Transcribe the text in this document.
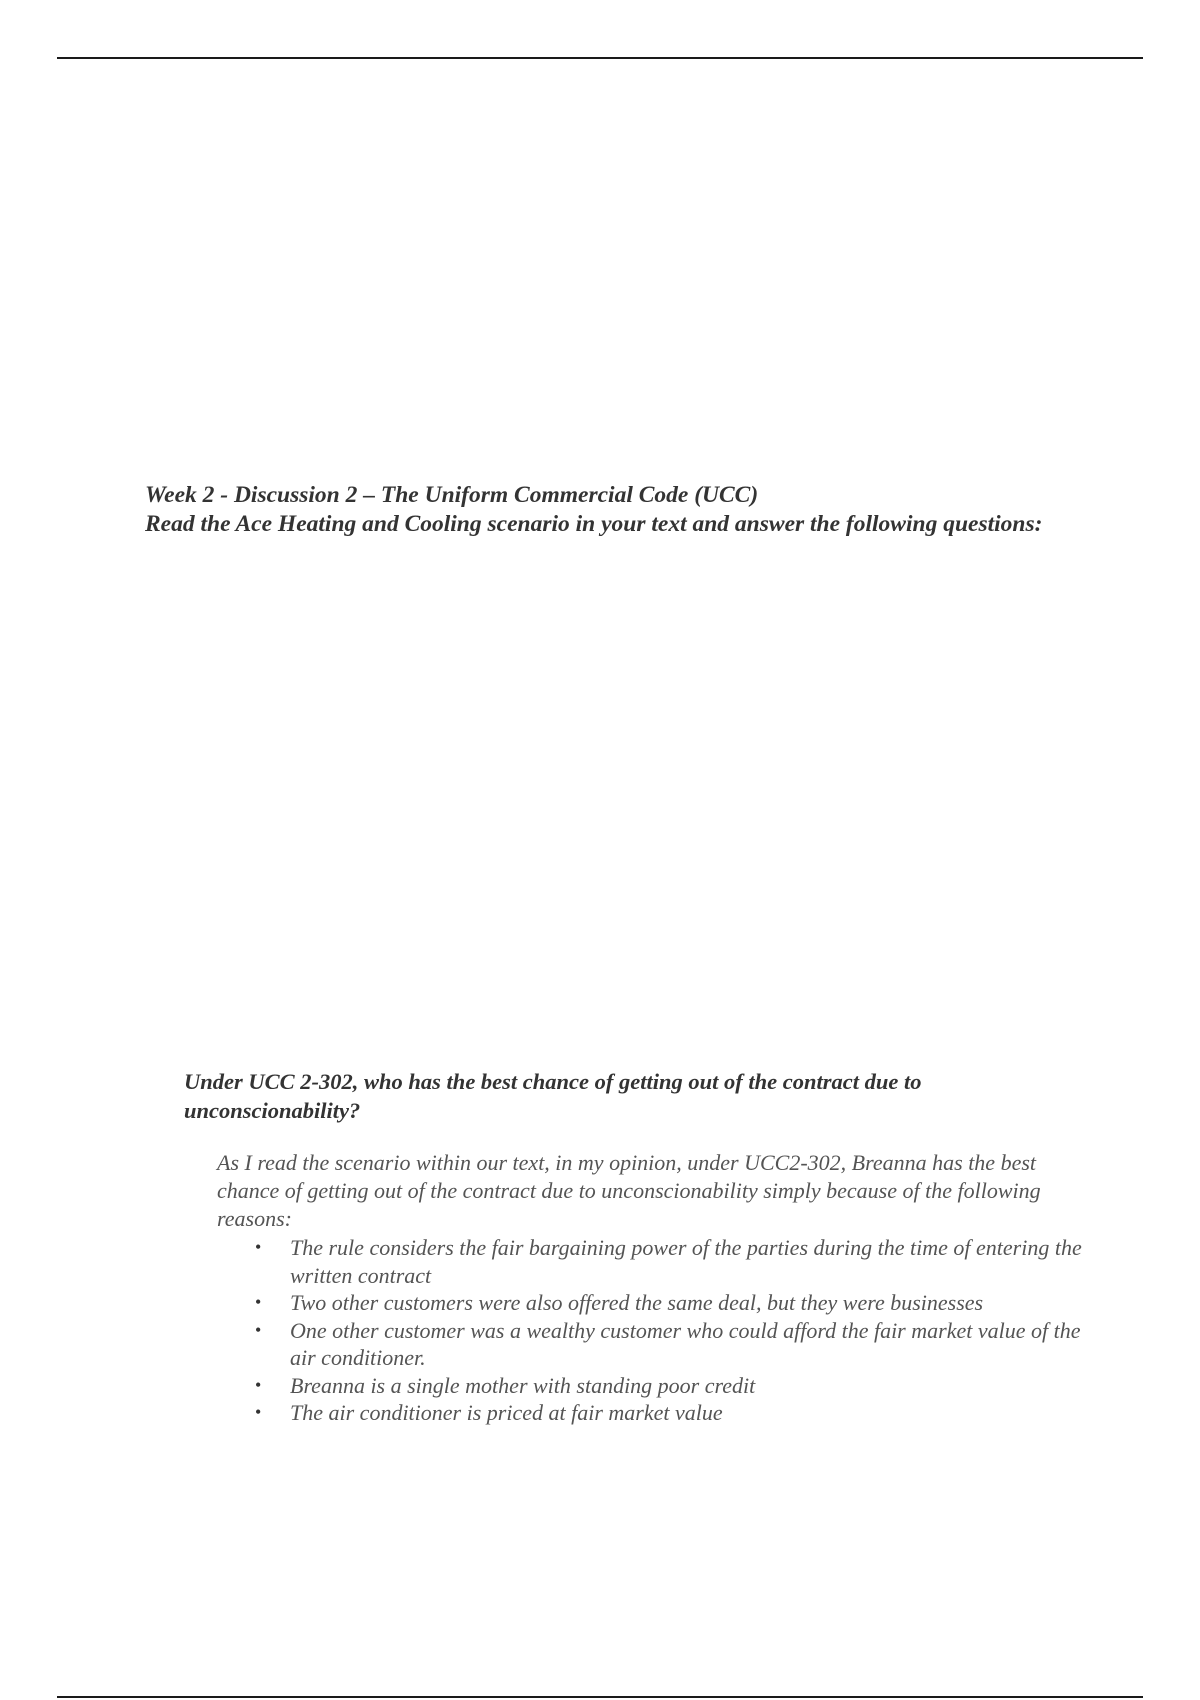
Week 2 - Discussion 2 – The Uniform Commercial Code (UCC)
Read the Ace Heating and Cooling scenario in your text and answer the following questions:
Under UCC 2-302, who has the best chance of getting out of the contract due to unconscionability?
As I read the scenario within our text, in my opinion, under UCC2-302, Breanna has the best chance of getting out of the contract due to unconscionability simply because of the following reasons:
• The rule considers the fair bargaining power of the parties during the time of entering the written contract
• Two other customers were also offered the same deal, but they were businesses
• One other customer was a wealthy customer who could afford the fair market value of the air conditioner.
• Breanna is a single mother with standing poor credit
• The air conditioner is priced at fair market value
